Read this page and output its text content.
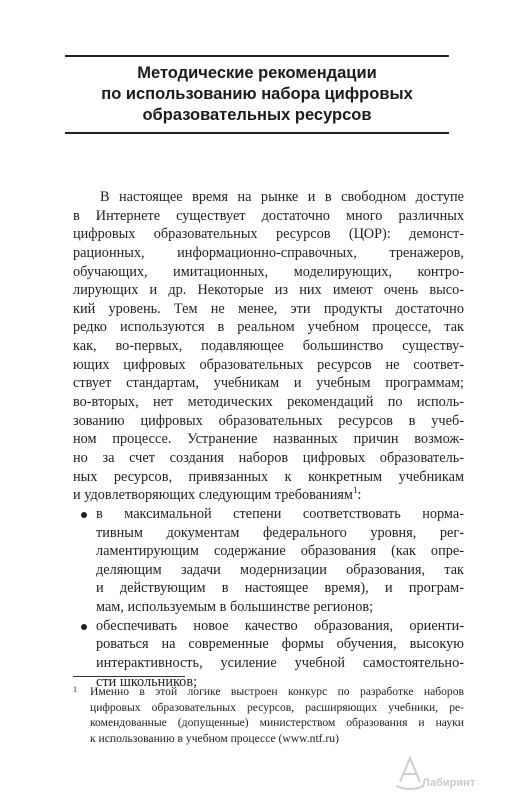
Методические рекомендации
по использованию набора цифровых
образовательных ресурсов
В настоящее время на рынке и в свободном доступе
в Интернете существует достаточно много различных
цифровых образовательных ресурсов (ЦОР): демонст-
рационных, информационно-справочных, тренажеров,
обучающих, имитационных, моделирующих, контро-
лирующих и др. Некоторые из них имеют очень высо-
кий уровень. Тем не менее, эти продукты достаточно
редко используются в реальном учебном процессе, так
как, во-первых, подавляющее большинство существу-
ющих цифровых образовательных ресурсов не соответ-
ствует стандартам, учебникам и учебным программам;
во-вторых, нет методических рекомендаций по исполь-
зованию цифровых образовательных ресурсов в учеб-
ном процессе. Устранение названных причин возмож-
но за счет создания наборов цифровых образователь-
ных ресурсов, привязанных к конкретным учебникам
и удовлетворяющих следующим требованиям$^1$:
в максимальной степени соответствовать норма-
тивным документам федерального уровня, рег-
ламентирующим содержание образования (как опре-
деляющим задачи модернизации образования, так
и действующим в настоящее время), и програм-
мам, используемым в большинстве регионов;
обеспечивать новое качество образования, ориенти-
роваться на современные формы обучения, высокую
интерактивность, усиление учебной самостоятельно-
сти школьников;
1	Именно в этой логике выстроен конкурс по разработке наборов
цифровых образовательных ресурсов, расширяющих учебники, ре-
комендованные (допущенные) министерством образования и науки
к использованию в учебном процессе (www.ntf.ru)
Лабиринт
